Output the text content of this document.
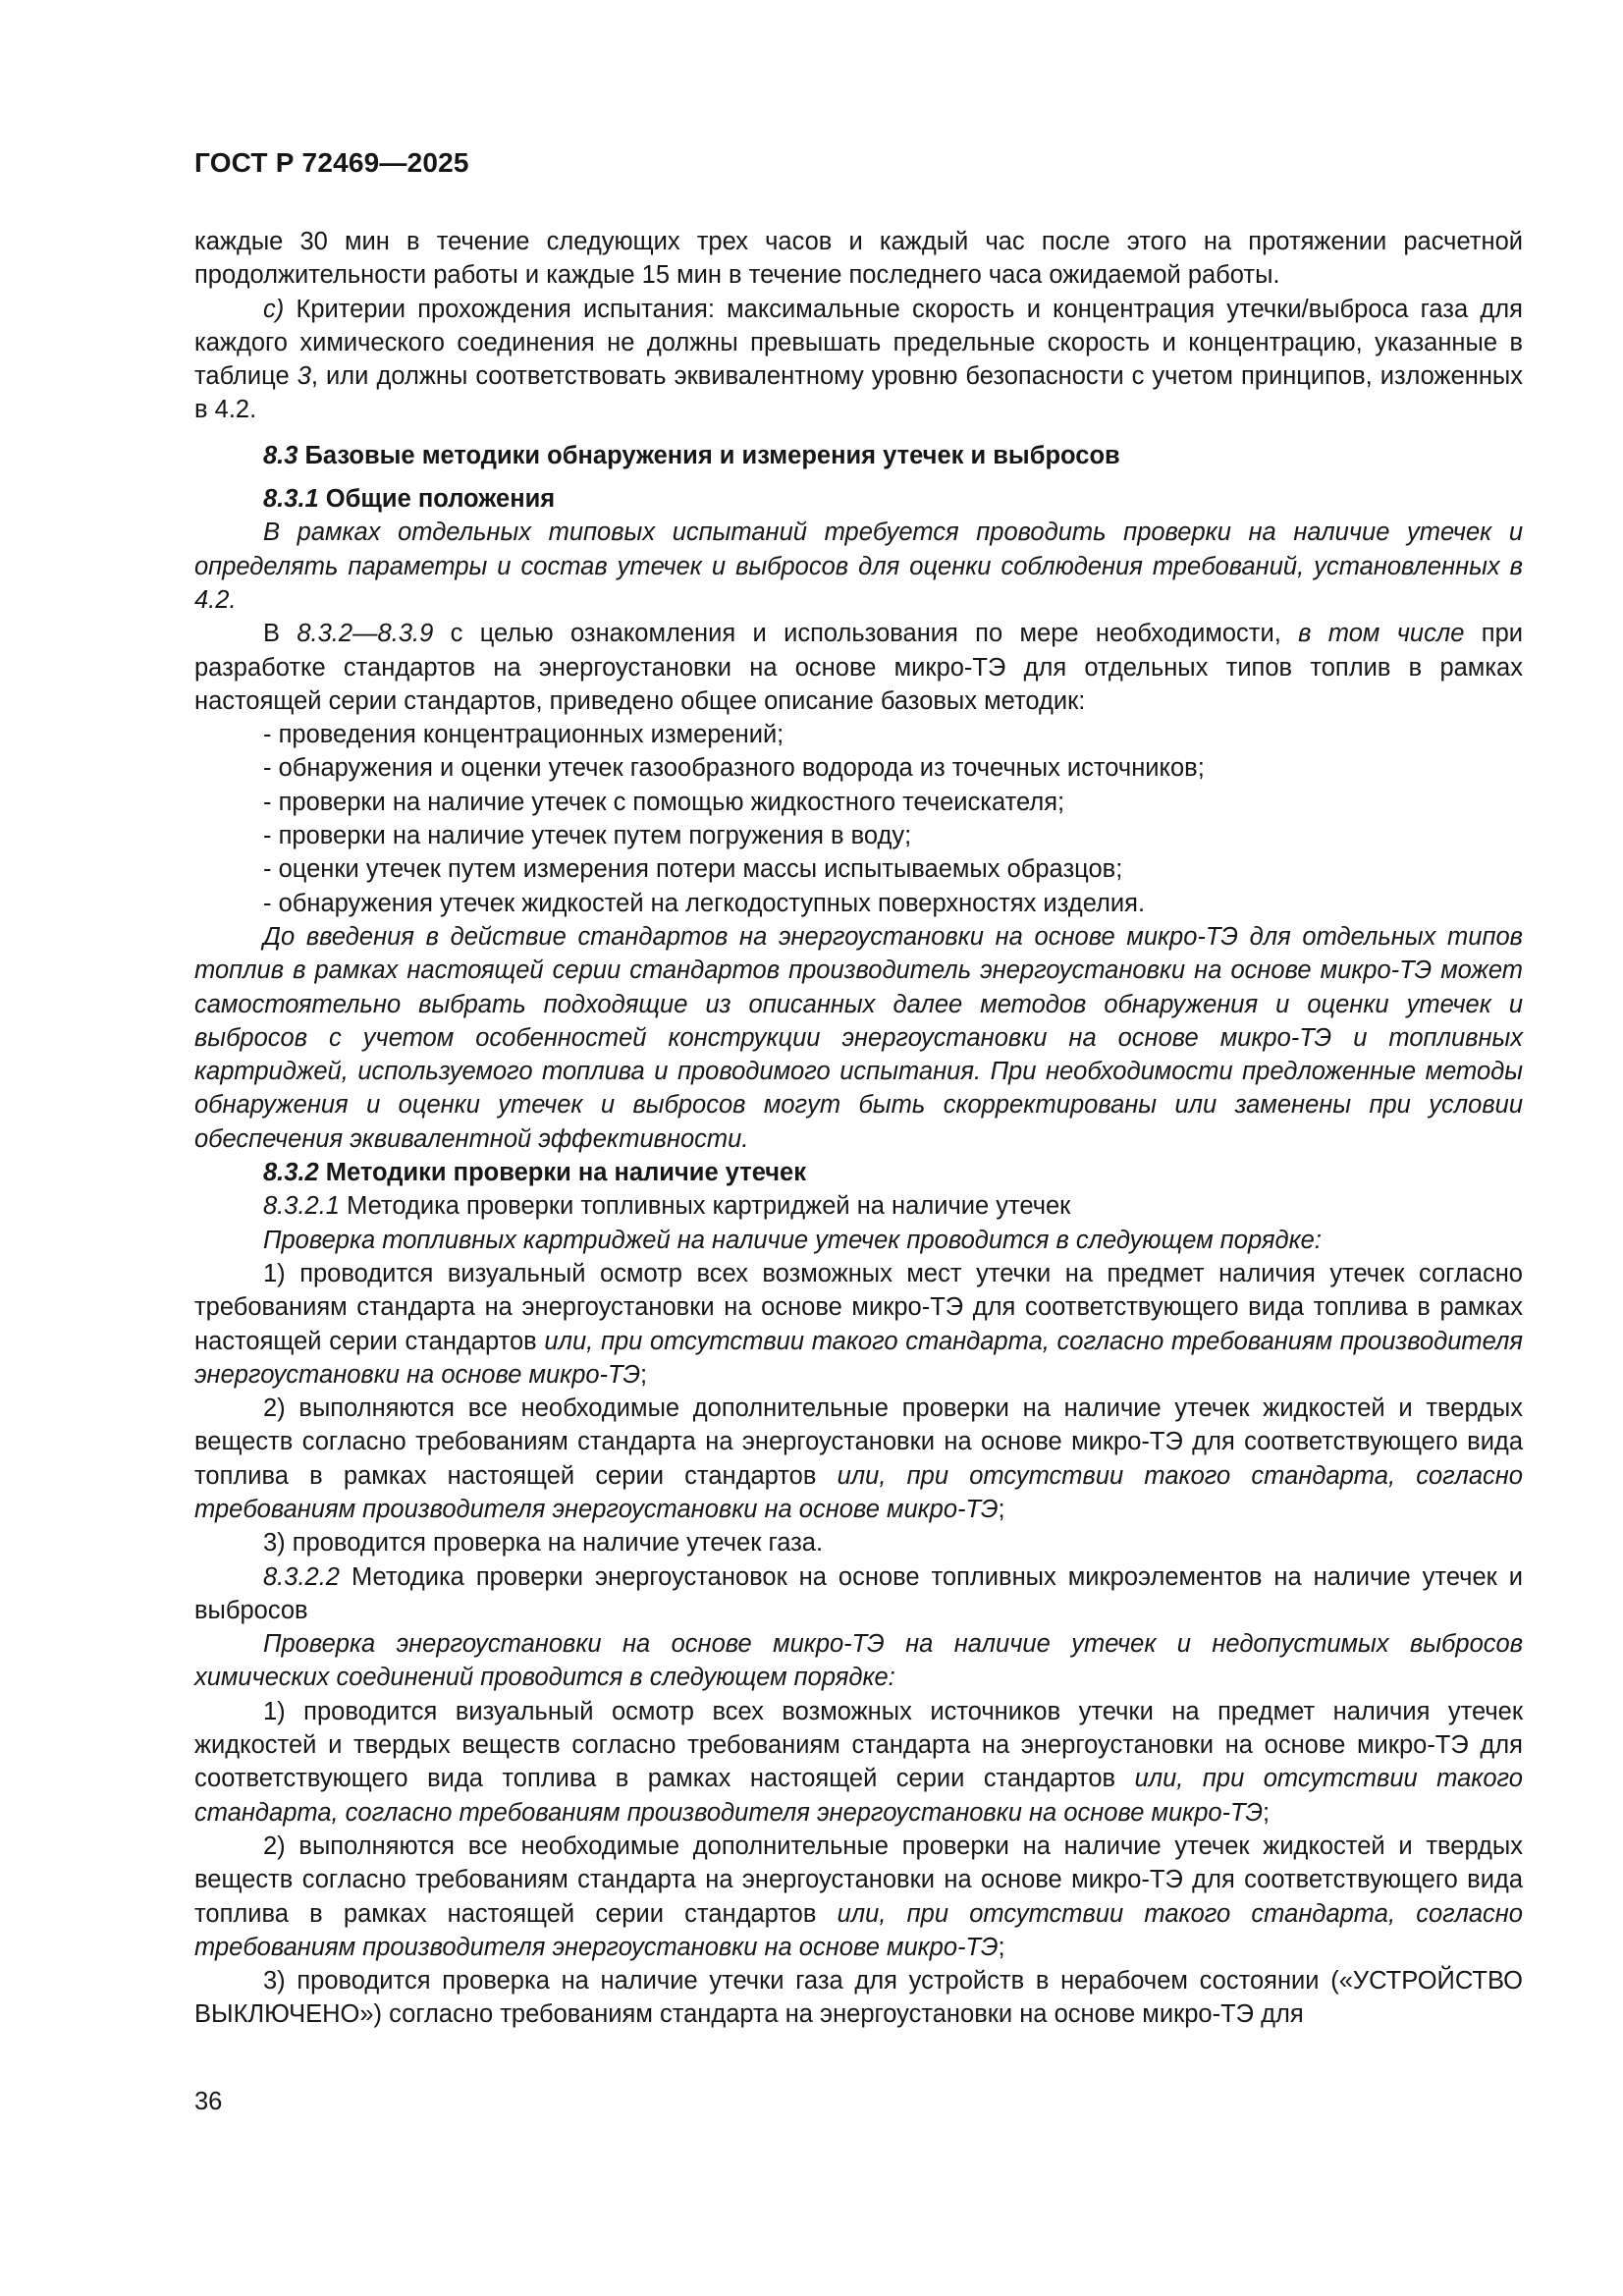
ГОСТ Р 72469—2025

каждые 30 мин в течение следующих трех часов и каждый час после этого на протяжении расчетной продолжительности работы и каждые 15 мин в течение последнего часа ожидаемой работы.

с) Критерии прохождения испытания: максимальные скорость и концентрация утечки/выброса газа для каждого химического соединения не должны превышать предельные скорость и концентрацию, указанные в таблице 3, или должны соответствовать эквивалентному уровню безопасности с учетом принципов, изложенных в 4.2.

8.3 Базовые методики обнаружения и измерения утечек и выбросов

8.3.1 Общие положения

В рамках отдельных типовых испытаний требуется проводить проверки на наличие утечек и определять параметры и состав утечек и выбросов для оценки соблюдения требований, установленных в 4.2.

В 8.3.2—8.3.9 с целью ознакомления и использования по мере необходимости, в том числе при разработке стандартов на энергоустановки на основе микро-ТЭ для отдельных типов топлив в рамках настоящей серии стандартов, приведено общее описание базовых методик:

- проведения концентрационных измерений;

- обнаружения и оценки утечек газообразного водорода из точечных источников;

- проверки на наличие утечек с помощью жидкостного течеискателя;

- проверки на наличие утечек путем погружения в воду;

- оценки утечек путем измерения потери массы испытываемых образцов;

- обнаружения утечек жидкостей на легкодоступных поверхностях изделия.

До введения в действие стандартов на энергоустановки на основе микро-ТЭ для отдельных типов топлив в рамках настоящей серии стандартов производитель энергоустановки на основе микро-ТЭ может самостоятельно выбрать подходящие из описанных далее методов обнаружения и оценки утечек и выбросов с учетом особенностей конструкции энергоустановки на основе микро-ТЭ и топливных картриджей, используемого топлива и проводимого испытания. При необходимости предложенные методы обнаружения и оценки утечек и выбросов могут быть скорректированы или заменены при условии обеспечения эквивалентной эффективности.

8.3.2 Методики проверки на наличие утечек

8.3.2.1 Методика проверки топливных картриджей на наличие утечек

Проверка топливных картриджей на наличие утечек проводится в следующем порядке:

1) проводится визуальный осмотр всех возможных мест утечки на предмет наличия утечек согласно требованиям стандарта на энергоустановки на основе микро-ТЭ для соответствующего вида топлива в рамках настоящей серии стандартов или, при отсутствии такого стандарта, согласно требованиям производителя энергоустановки на основе микро-ТЭ;

2) выполняются все необходимые дополнительные проверки на наличие утечек жидкостей и твердых веществ согласно требованиям стандарта на энергоустановки на основе микро-ТЭ для соответствующего вида топлива в рамках настоящей серии стандартов или, при отсутствии такого стандарта, согласно требованиям производителя энергоустановки на основе микро-ТЭ;

3) проводится проверка на наличие утечек газа.

8.3.2.2 Методика проверки энергоустановок на основе топливных микроэлементов на наличие утечек и выбросов

Проверка энергоустановки на основе микро-ТЭ на наличие утечек и недопустимых выбросов химических соединений проводится в следующем порядке:

1) проводится визуальный осмотр всех возможных источников утечки на предмет наличия утечек жидкостей и твердых веществ согласно требованиям стандарта на энергоустановки на основе микро-ТЭ для соответствующего вида топлива в рамках настоящей серии стандартов или, при отсутствии такого стандарта, согласно требованиям производителя энергоустановки на основе микро-ТЭ;

2) выполняются все необходимые дополнительные проверки на наличие утечек жидкостей и твердых веществ согласно требованиям стандарта на энергоустановки на основе микро-ТЭ для соответствующего вида топлива в рамках настоящей серии стандартов или, при отсутствии такого стандарта, согласно требованиям производителя энергоустановки на основе микро-ТЭ;

3) проводится проверка на наличие утечки газа для устройств в нерабочем состоянии («УСТРОЙСТВО ВЫКЛЮЧЕНО») согласно требованиям стандарта на энергоустановки на основе микро-ТЭ для

36
